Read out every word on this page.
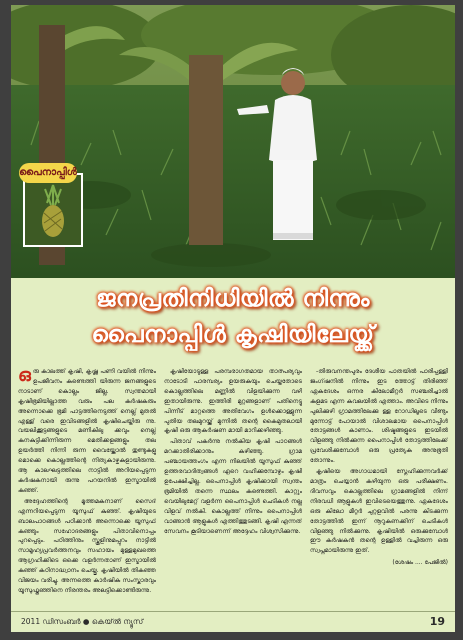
പൈനാപ്പിൾ
ജനപ്രതിനിധിയിൽ നിന്നും
പൈനാപ്പിൾ കൃഷിയിലേയ്ക്ക്

ഒരു കാലത്ത് കൃഷി, കൃഷ്ണ പണി വയിൽ നിന്നും ഉപജീവനം കണ്ടെത്തി യിരുന്ന ജനങ്ങളുടെ നാടാണ് കൊല്ലം ജില്ല. സ്വന്തമായി കൃഷിഭൂമിയില്ലാത്ത വരും പല കർഷകരും അന്നൊക്കെ ഭൂമി പാട്ടത്തിനെടുത്ത് നെല്ല് മുതൽ എള്ള് വരെ ഇവിടങ്ങളിൽ കൃഷിചെയ്തിരു ന്നു. വയലിക്കൂട്ടങ്ങളുടെ മണികിലു ക്കവും നെല്ല് കുനകുട്ടിക്കിന്നിരുന്ന മെതിക്കളങ്ങളും തല ഉയർത്തി നിന്നി രുന്ന വൈയ്ക്കോൽ തുണ്ടുകളു മൊക്കെ കൊല്ലത്തിന്റെ നിത്യകാഴ്ചകളായിരുന്നു. ആ കാലഘട്ടത്തിലെ നാട്ടിൽ അറിയപ്പെടുന്ന കർഷകനായി രുന്നു പറയനിൽ ഇസ്മായിൽ കുഞ്ഞ്.

അദ്ദേഹത്തിന്റെ മൂത്തമകനാണ് സൈദ് എന്നറിയപ്പെടുന്ന യൂസുഫ് കുഞ്ഞ്. കൃഷിയുടെ ബാലപാഠങ്ങൾ പഠിക്കാൻ അന്നൊക്കെ യൂസുഫ് കുഞ്ഞും സഹോദരങ്ങളും പിതാവിനൊപ്പം പുറപ്പെടും. പഠിത്തിനും സ്കൂളിനുമപ്പുറം നാട്ടിൽ സാമൂഹ്യപ്രവർത്തനവും സഹായം മുള്ളമുഖത്തെ ആഗ്രഹിക്കിടെ ഒക്കെ വളർന്നതാണ് ഇസ്മായിൽ കുഞ്ഞ് കഠിനാദ്ധ്വാനം ചെയ്തു. കൃഷിയിൽ തികഞ്ഞ വിജയം വരിച്ചു. അന്നത്തെ കാർഷിക സംസ്കാരവും യൂസുഫ്കുഞ്ഞിനെ നിരന്തരം അലട്ടിക്കൊണ്ടിരുന്നു.

കൃഷിയോടുള്ള പരമ്പരാഗതമായ താത്പര്യവും നാടോടി പാരമ്പര്യം ഉയരുകയും ചെയ്തതോടെ കൊല്ലത്തിലെ മണ്ണിൽ വിളയിക്കുന്ന വഴി ഇതായിരുന്നു. ഇത്തിരി മുറ്റങ്ങളാണ് പതിനെട്ടു പിന്നീട് മാറ്റത്തെ അതിവേഗം ഉൾക്കൊള്ളുന്ന പുതിയ തലമുറയ്ക്ക് മുന്നിൽ തന്റെ കൈമുതലായി കൃഷി ഒരു ആകർഷണ മായി മാറിക്കഴിഞ്ഞു.

പിതാവ് പകർന്നു നൽകിയ കൃഷി പാഠങ്ങൾ മറക്കാതിരിക്കാനും കഴിഞ്ഞു. ഗ്രാമ പഞ്ചായത്തംഗം എന്ന നിലയിൽ യൂസുഫ് കുഞ്ഞ് ഉത്തരവാദിത്വങ്ങൾ ഏറെ വഹിക്കുമ്പോഴും കൃഷി ഉപേക്ഷിച്ചില്ല. പൈനാപ്പിൾ കൃഷിക്കായി സ്വന്തം ഭൂമിയിൽ തന്നെ സ്ഥലം കണ്ടെത്തി. കാറ്റും വെയിലുമേറ്റ് വളർന്ന പൈനാപ്പിൾ ചെടികൾ നല്ല വിളവ് നൽകി. കൊല്ലത്ത് നിന്നും പൈനാപ്പിൾ വാങ്ങാൻ ആളുകൾ എത്തിത്തുടങ്ങി. കൃഷി എന്നത് സേവനം കൂടിയാണെന്ന് അദ്ദേഹം വിശ്വസിക്കുന്നു.

-തിരുവനന്തപുരം ദേശീയ പാതയിൽ പാരിപ്പള്ളി ജംഗ്ഷനിൽ നിന്നും ഇട ത്തോട്ട് തിരിഞ്ഞ് ഏകദേശം ഒന്നര കിലോമീറ്റർ സഞ്ചരിച്ചാൽ കുളമട എന്ന കവലയിൽ എത്താം. അവിടെ നിന്നും പുലിക്കുഴി ഗ്രാമത്തിലേക്കു ള്ള റോഡിലൂടെ വീണ്ടും മുന്നോട്ട് പോയാൽ വിശാലമായ പൈനാപ്പിൾ തോട്ടങ്ങൾ കാണാം. ശിഷ്ടങ്ങളുടെ ഇടയിൽ വിളഞ്ഞു നിൽക്കുന്ന പൈനാപ്പിൾ തോട്ടത്തിലേക്ക് പ്രവേശിക്കുമ്പോൾ ഒരു പ്രത്യേക അനുഭൂതി തോന്നും.

കൃഷിയെ അഗാധമായി സ്നേഹിക്കുന്നവർക്ക് മാത്രം ചെയ്യാൻ കഴിയുന്ന ഒരു പരീക്ഷണം. ദിവസവും കൊല്ലത്തിലെ ഗ്രാമങ്ങളിൽ നിന്ന് നിരവധി ആളുകൾ ഇവിടെയെത്തുന്നു. ഏകദേശം ഒരു കിലോ മീറ്റർ ചുറ്റളവിൽ പരന്നു കിടക്കുന്ന തോട്ടത്തിൽ ഇന്ന് നൂറുകണക്കിന് ചെടികൾ വിളഞ്ഞു നിൽക്കുന്നു. കൃഷിയിൽ ഒരുക്കുമ്പോൾ ഈ കർഷകൻ തന്റെ ഉള്ളിൽ വച്ചിരുന്ന ഒരു സ്വപ്നമായിരുന്നു ഇത്.

(ശേഷം .... പേജിൽ)
2011 ഡിസംബർ ● കെയ്ൽ ന്യൂസ്	19
